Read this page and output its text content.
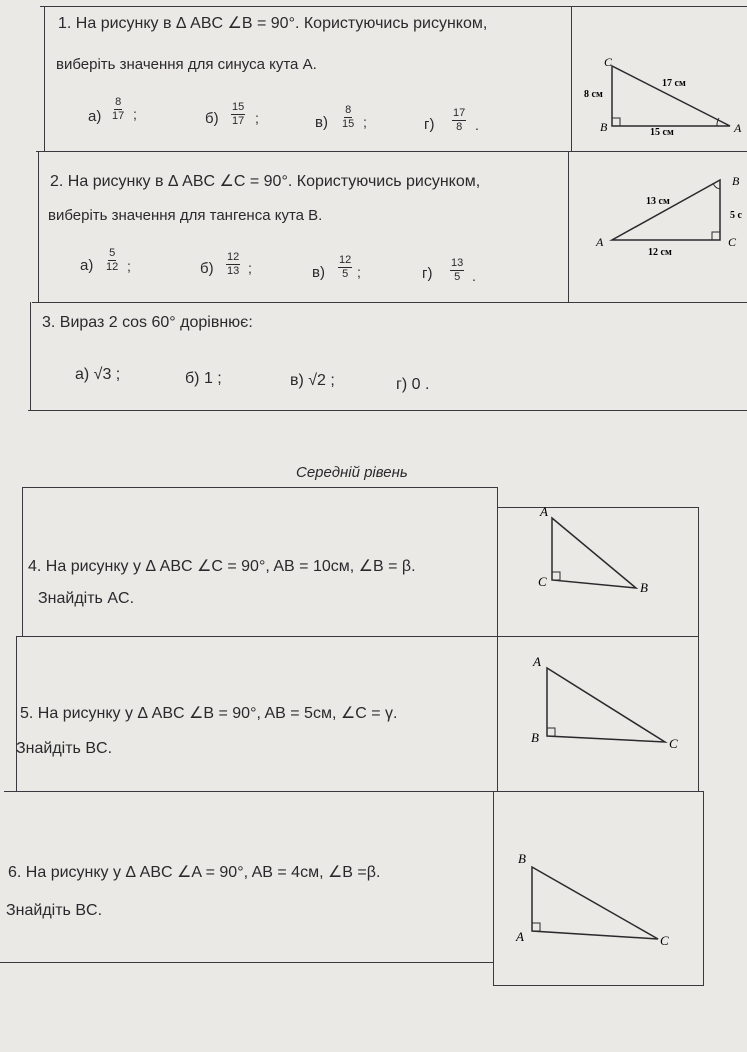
1. На рисунку в Δ ABC ∠B = 90°. Користуючись рисунком,
виберіть значення для синуса кута А.
$а) \frac{8}{17}$ ;	$б) \frac{15}{17}$ ;	$в) \frac{8}{15}$ ;	$г) \frac{17}{8}$ .
C
B	A
8 см
17 см
15 см
2. На рисунку в Δ ABC ∠C = 90°. Користуючись рисунком,
виберіть значення для тангенса кута В.
$а) \frac{5}{12}$ ;	$б) \frac{12}{13}$ ;	$в) \frac{12}{5}$ ;	$г) \frac{13}{5}$ .
B
A	C
13 см
5 с
12 см
3. Вираз 2 cos 60° дорівнює:
а) √3 ;	б) 1 ;	в) √2 ;	г) 0 .
Середній рівень
4. На рисунку у Δ ABC ∠C = 90°, AB = 10см, ∠B = β.
Знайдіть AC.
A
C	B
5. На рисунку у Δ ABC ∠B = 90°, AB = 5см, ∠C = γ.
Знайдіть BC.
A
B	C
6. На рисунку у Δ ABC ∠A = 90°, AB = 4см, ∠B =β.
Знайдіть BC.
B
A	C
